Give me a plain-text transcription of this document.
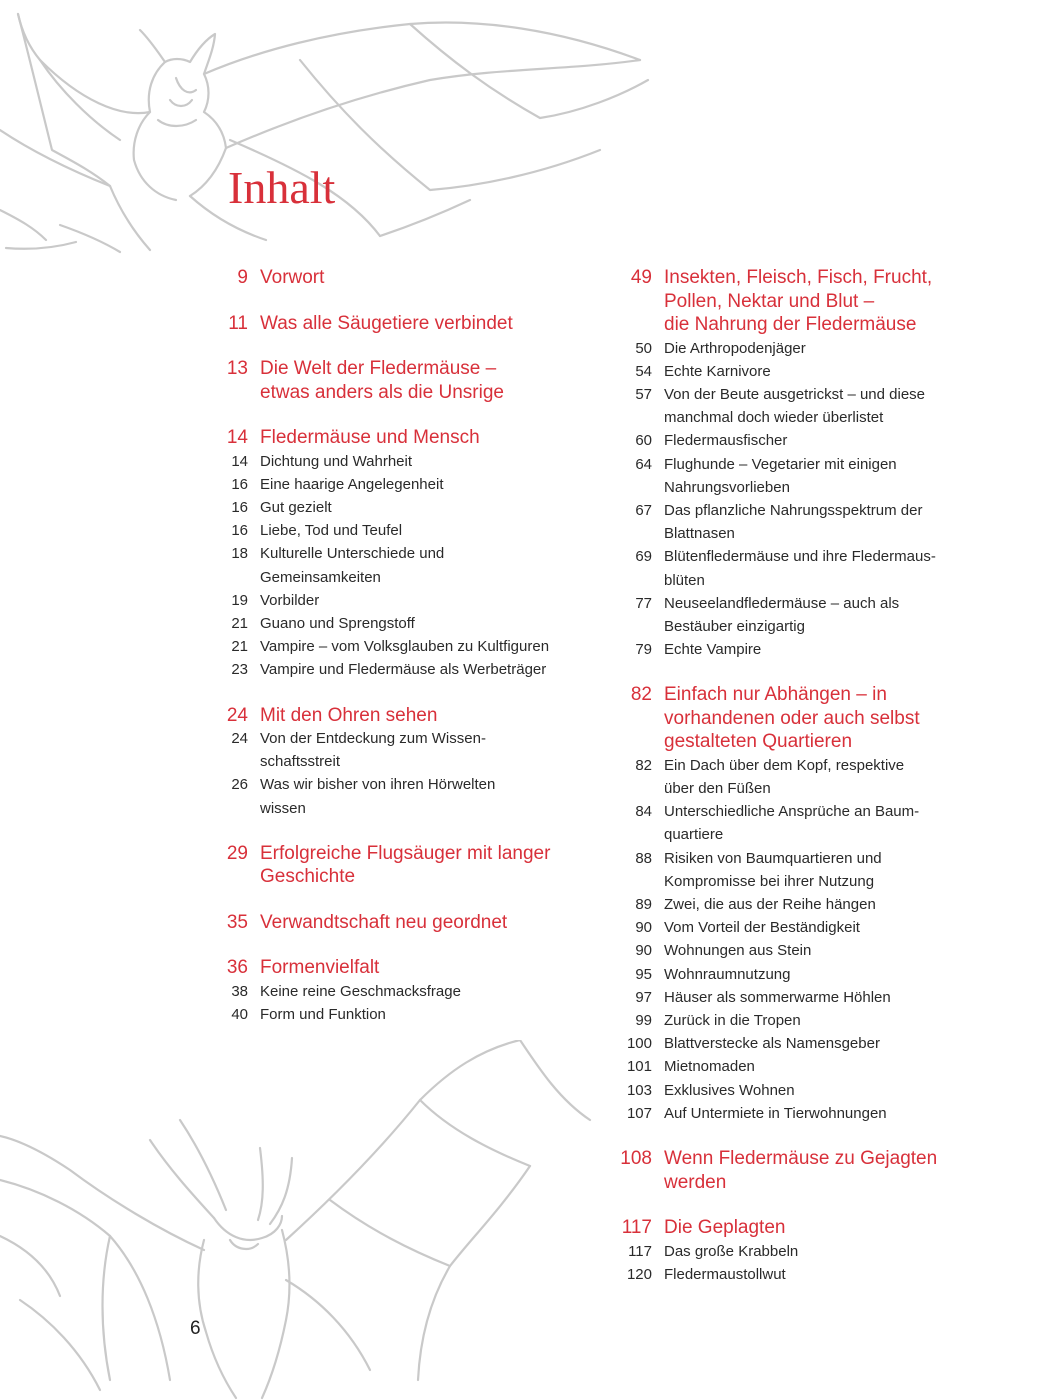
Inhalt
9 Vorwort
11 Was alle Säugetiere verbindet
13 Die Welt der Fledermäuse –
etwas anders als die Unsrige
14 Fledermäuse und Mensch
14 Dichtung und Wahrheit
16 Eine haarige Angelegenheit
16 Gut gezielt
16 Liebe, Tod und Teufel
18 Kulturelle Unterschiede und
Gemeinsamkeiten
19 Vorbilder
21 Guano und Sprengstoff
21 Vampire – vom Volksglauben zu Kultfiguren
23 Vampire und Fledermäuse als Werbeträger
24 Mit den Ohren sehen
24 Von der Entdeckung zum Wissen-
schaftsstreit
26 Was wir bisher von ihren Hörwelten
wissen
29 Erfolgreiche Flugsäuger mit langer
Geschichte
35 Verwandtschaft neu geordnet
36 Formenvielfalt
38 Keine reine Geschmacksfrage
40 Form und Funktion
49 Insekten, Fleisch, Fisch, Frucht,
Pollen, Nektar und Blut –
die Nahrung der Fledermäuse
50 Die Arthropodenjäger
54 Echte Karnivore
57 Von der Beute ausgetrickst – und diese
manchmal doch wieder überlistet
60 Fledermausfischer
64 Flughunde – Vegetarier mit einigen
Nahrungsvorlieben
67 Das pflanzliche Nahrungsspektrum der
Blattnasen
69 Blütenfledermäuse und ihre Fledermaus-
blüten
77 Neuseelandfledermäuse – auch als
Bestäuber einzigartig
79 Echte Vampire
82 Einfach nur Abhängen – in
vorhandenen oder auch selbst
gestalteten Quartieren
82 Ein Dach über dem Kopf, respektive
über den Füßen
84 Unterschiedliche Ansprüche an Baum-
quartiere
88 Risiken von Baumquartieren und
Kompromisse bei ihrer Nutzung
89 Zwei, die aus der Reihe hängen
90 Vom Vorteil der Beständigkeit
90 Wohnungen aus Stein
95 Wohnraumnutzung
97 Häuser als sommerwarme Höhlen
99 Zurück in die Tropen
100 Blattverstecke als Namensgeber
101 Mietnomaden
103 Exklusives Wohnen
107 Auf Untermiete in Tierwohnungen
108 Wenn Fledermäuse zu Gejagten
werden
117 Die Geplagten
117 Das große Krabbeln
120 Fledermaustollwut
6
